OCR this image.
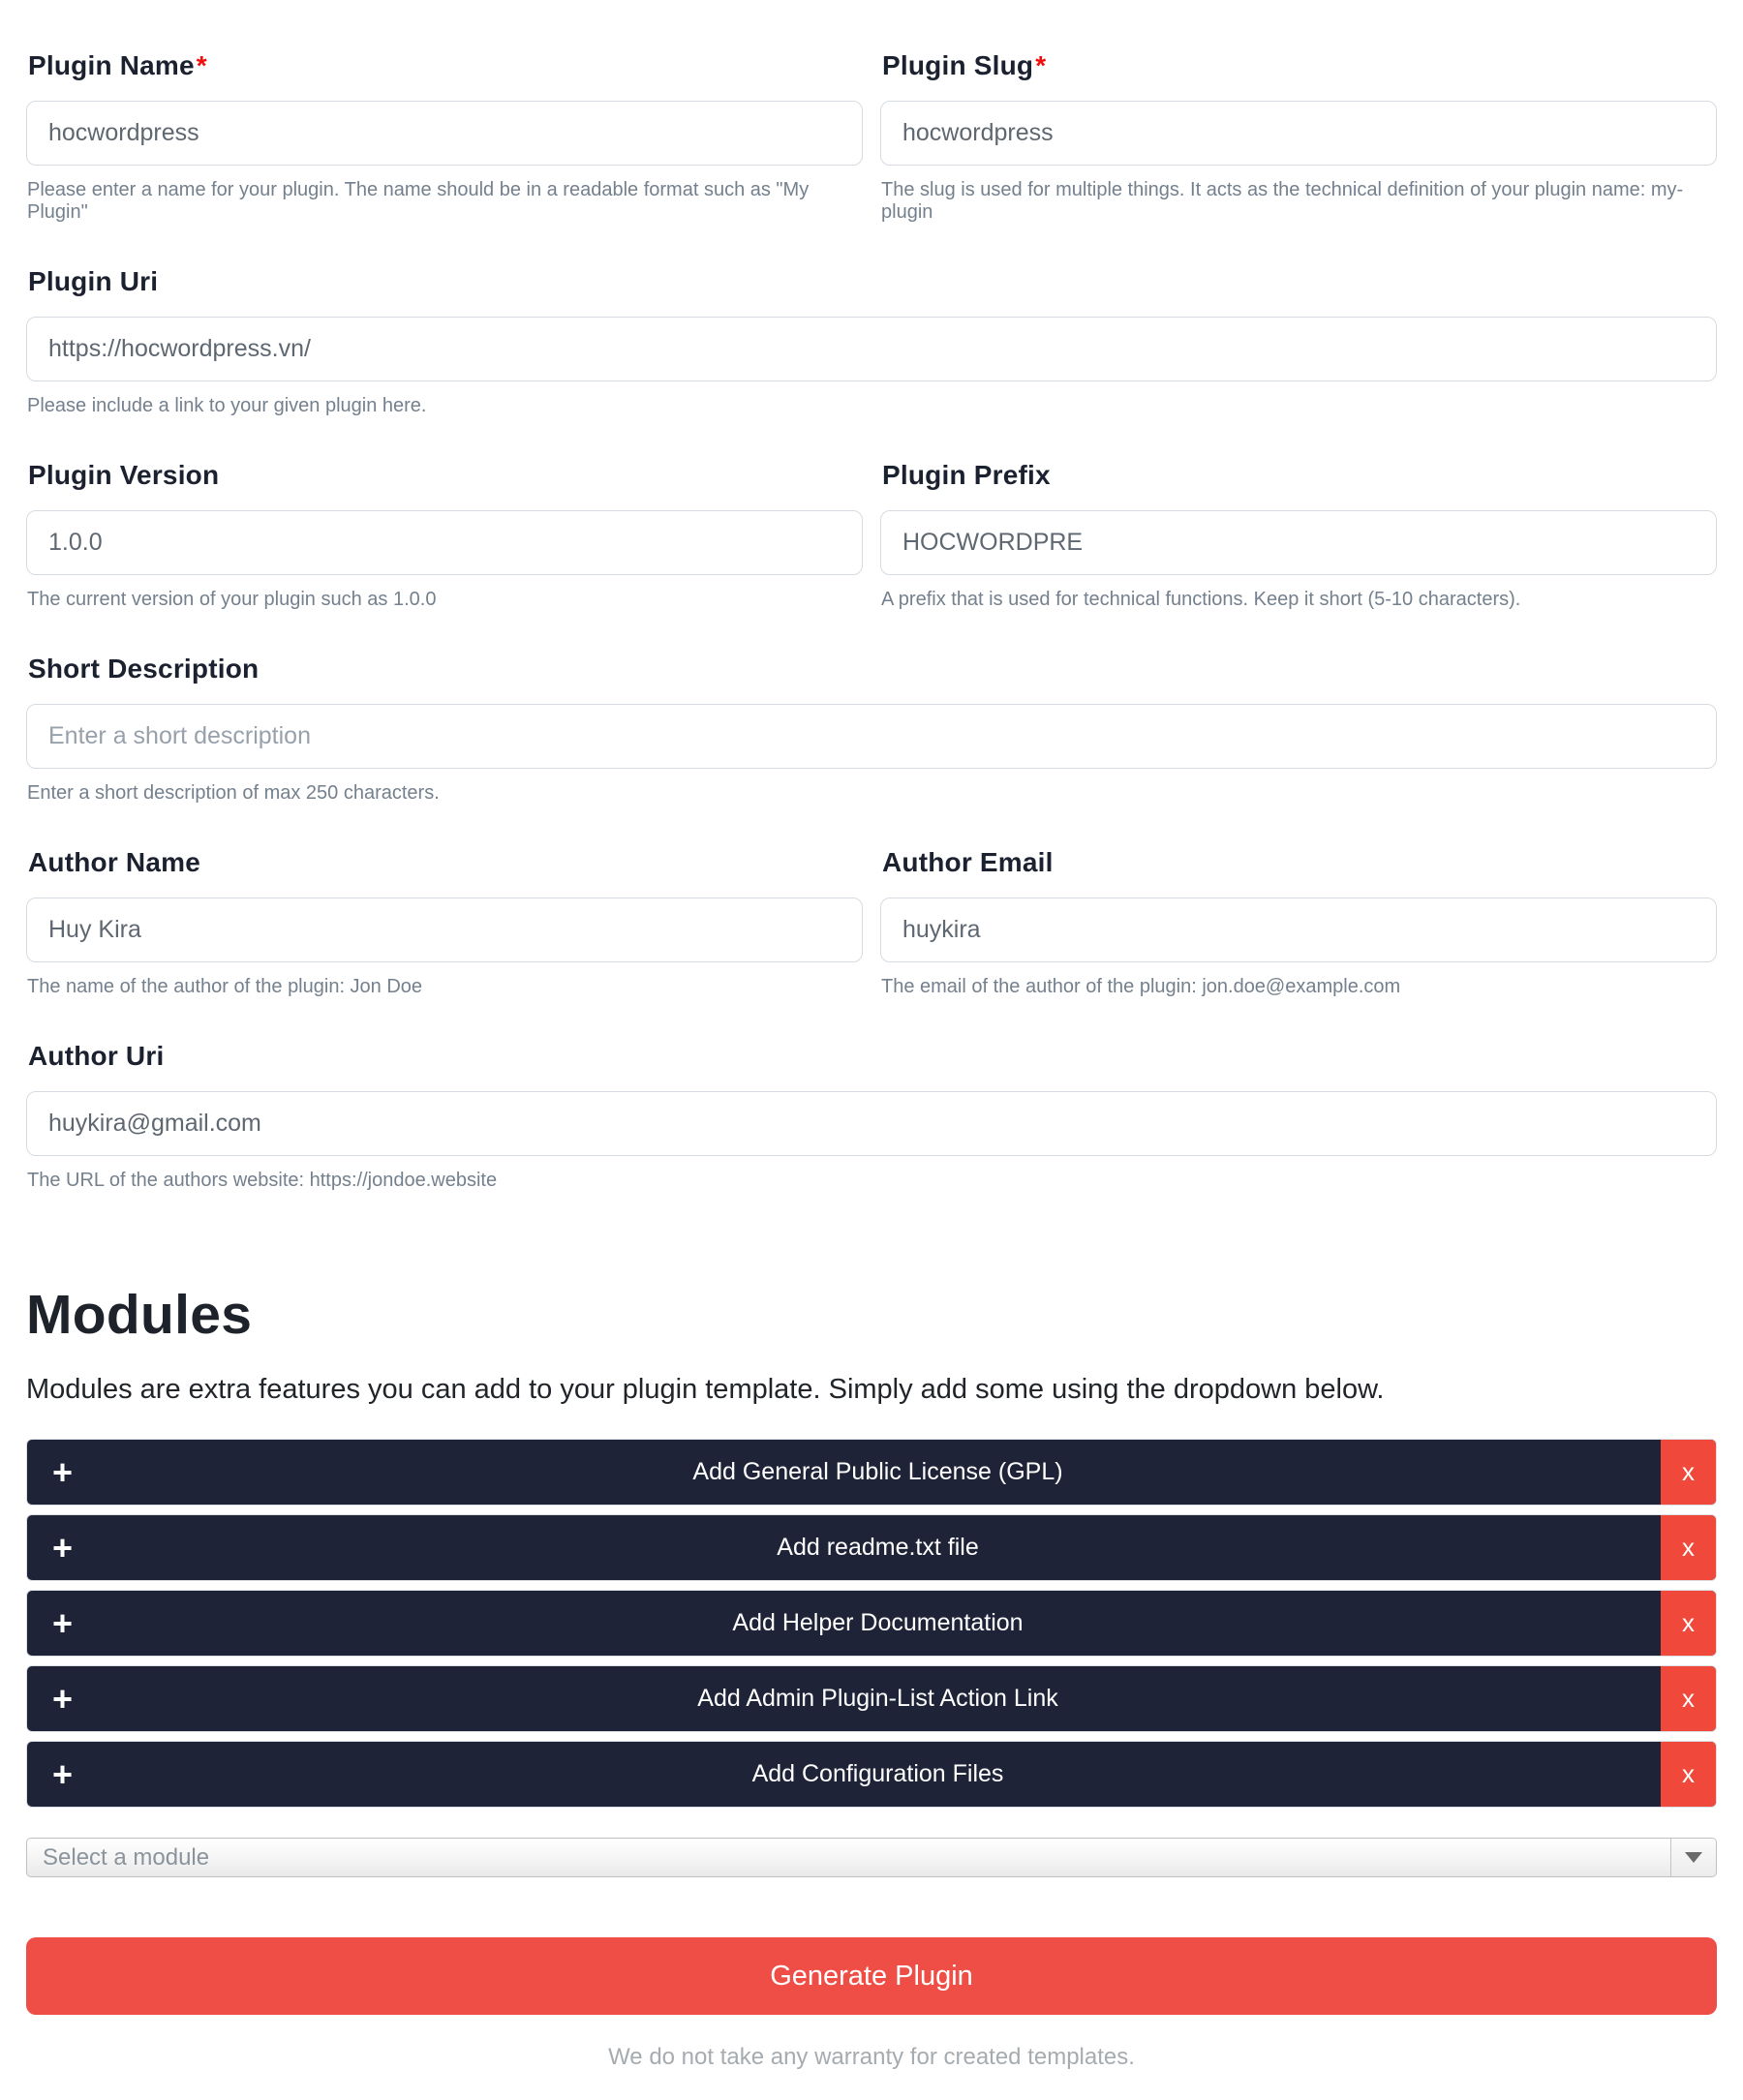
Plugin Name*
hocwordpress
Please enter a name for your plugin. The name should be in a readable format such as "My Plugin"
Plugin Slug*
hocwordpress
The slug is used for multiple things. It acts as the technical definition of your plugin name: my-plugin
Plugin Uri
https://hocwordpress.vn/
Please include a link to your given plugin here.
Plugin Version
1.0.0
The current version of your plugin such as 1.0.0
Plugin Prefix
HOCWORDPRE
A prefix that is used for technical functions. Keep it short (5-10 characters).
Short Description
Enter a short description
Enter a short description of max 250 characters.
Author Name
Huy Kira
The name of the author of the plugin: Jon Doe
Author Email
huykira
The email of the author of the plugin: jon.doe@example.com
Author Uri
huykira@gmail.com
The URL of the authors website: https://jondoe.website
Modules

Modules are extra features you can add to your plugin template. Simply add some using the dropdown below.

+	Add General Public License (GPL)	x
+	Add readme.txt file	x
+	Add Helper Documentation	x
+	Add Admin Plugin-List Action Link	x
+	Add Configuration Files	x
Select a module
Generate Plugin
We do not take any warranty for created templates.
